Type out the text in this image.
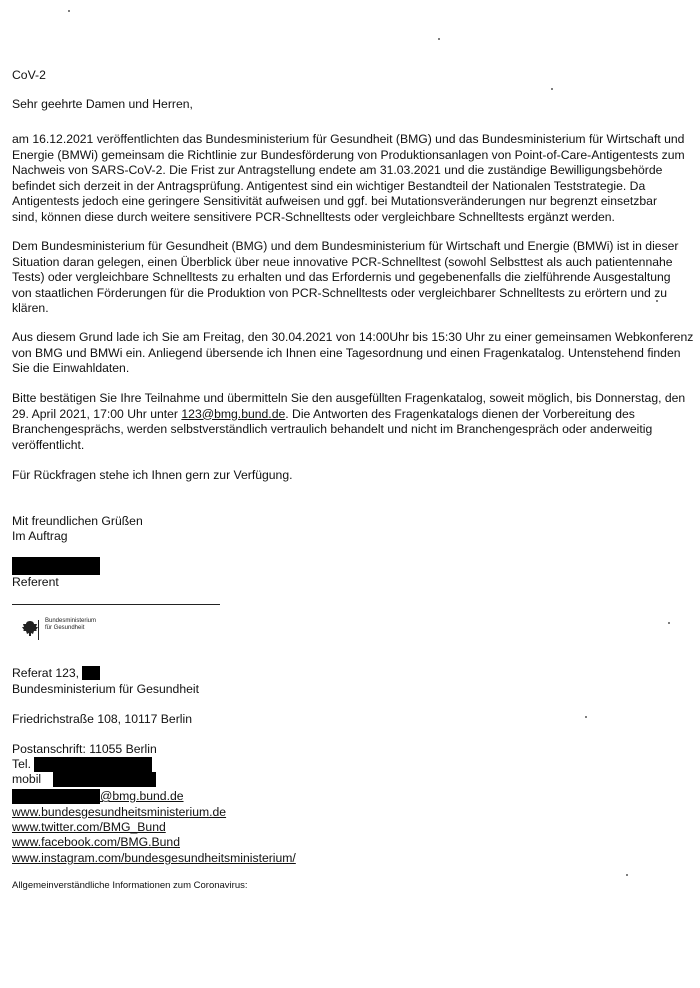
CoV-2
Sehr geehrte Damen und Herren,
am 16.12.2021 veröffentlichten das Bundesministerium für Gesundheit (BMG) und das Bundesministerium für Wirtschaft und
Energie (BMWi) gemeinsam die Richtlinie zur Bundesförderung von Produktionsanlagen von Point-of-Care-Antigentests zum
Nachweis von SARS-CoV-2. Die Frist zur Antragstellung endete am 31.03.2021 und die zuständige Bewilligungsbehörde
befindet sich derzeit in der Antragsprüfung. Antigentest sind ein wichtiger Bestandteil der Nationalen Teststrategie. Da
Antigentests jedoch eine geringere Sensitivität aufweisen und ggf. bei Mutationsveränderungen nur begrenzt einsetzbar
sind, können diese durch weitere sensitivere PCR-Schnelltests oder vergleichbare Schnelltests ergänzt werden.
Dem Bundesministerium für Gesundheit (BMG) und dem Bundesministerium für Wirtschaft und Energie (BMWi) ist in dieser
Situation daran gelegen, einen Überblick über neue innovative PCR-Schnelltest (sowohl Selbsttest als auch patientennahe
Tests) oder vergleichbare Schnelltests zu erhalten und das Erfordernis und gegebenenfalls die zielführende Ausgestaltung
von staatlichen Förderungen für die Produktion von PCR-Schnelltests oder vergleichbarer Schnelltests zu erörtern und zu
klären.
Aus diesem Grund lade ich Sie am Freitag, den 30.04.2021 von 14:00Uhr bis 15:30 Uhr zu einer gemeinsamen Webkonferenz
von BMG und BMWi ein. Anliegend übersende ich Ihnen eine Tagesordnung und einen Fragenkatalog. Untenstehend finden
Sie die Einwahldaten.
Bitte bestätigen Sie Ihre Teilnahme und übermitteln Sie den ausgefüllten Fragenkatalog, soweit möglich, bis Donnerstag, den
29. April 2021, 17:00 Uhr unter 123@bmg.bund.de. Die Antworten des Fragenkatalogs dienen der Vorbereitung des
Branchengesprächs, werden selbstverständlich vertraulich behandelt und nicht im Branchengespräch oder anderweitig
veröffentlicht.
Für Rückfragen stehe ich Ihnen gern zur Verfügung.
Mit freundlichen Grüßen
Im Auftrag
Referent
Bundesministerium
für Gesundheit
Referat 123,
Bundesministerium für Gesundheit
Friedrichstraße 108, 10117 Berlin
Postanschrift: 11055 Berlin
Tel.
mobil
@bmg.bund.de
www.bundesgesundheitsministerium.de
www.twitter.com/BMG_Bund
www.facebook.com/BMG.Bund
www.instagram.com/bundesgesundheitsministerium/
Allgemeinverständliche Informationen zum Coronavirus:
